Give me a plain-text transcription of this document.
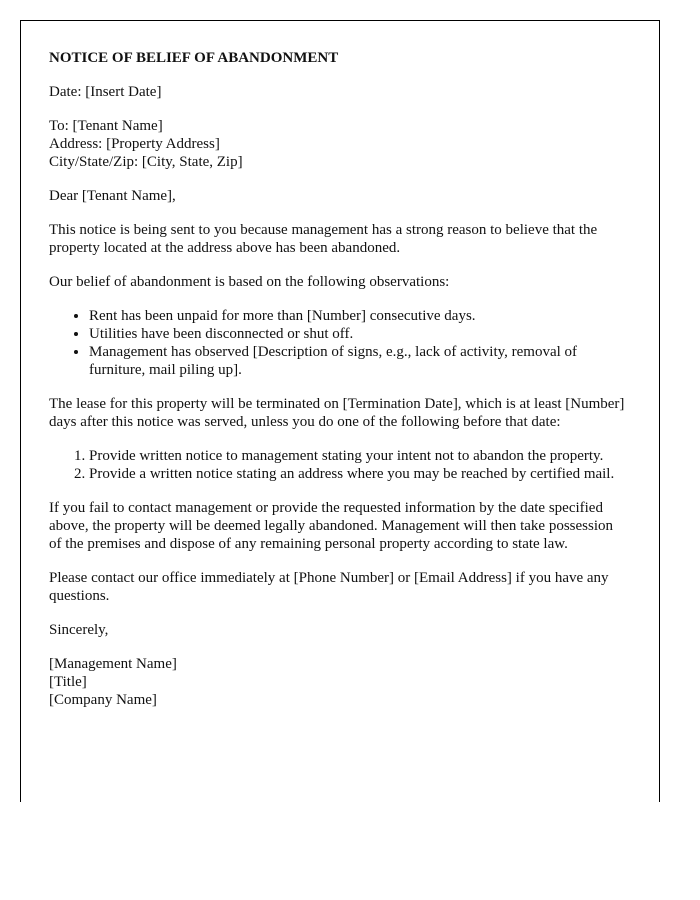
NOTICE OF BELIEF OF ABANDONMENT

Date: [Insert Date]

To: [Tenant Name]
Address: [Property Address]
City/State/Zip: [City, State, Zip]

Dear [Tenant Name],

This notice is being sent to you because management has a strong reason to believe that the property located at the address above has been abandoned.

Our belief of abandonment is based on the following observations:

• Rent has been unpaid for more than [Number] consecutive days.
• Utilities have been disconnected or shut off.
• Management has observed [Description of signs, e.g., lack of activity, removal of furniture, mail piling up].

The lease for this property will be terminated on [Termination Date], which is at least [Number] days after this notice was served, unless you do one of the following before that date:

1. Provide written notice to management stating your intent not to abandon the property.
2. Provide a written notice stating an address where you may be reached by certified mail.

If you fail to contact management or provide the requested information by the date specified above, the property will be deemed legally abandoned. Management will then take possession of the premises and dispose of any remaining personal property according to state law.

Please contact our office immediately at [Phone Number] or [Email Address] if you have any questions.

Sincerely,

[Management Name]
[Title]
[Company Name]
